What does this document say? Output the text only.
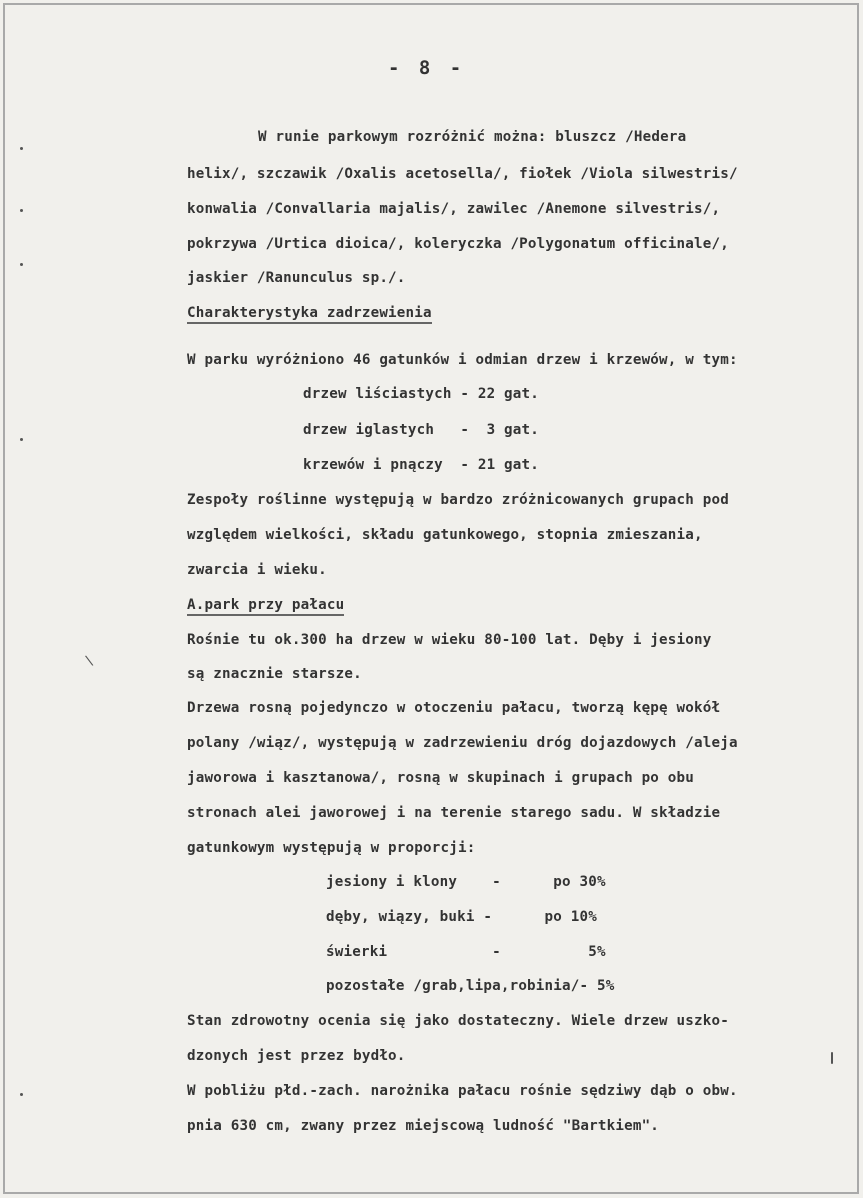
\
- 8 -
W runie parkowym rozróżnić można: bluszcz /Hedera
helix/, szczawik /Oxalis acetosella/, fiołek /Viola silwestris/
konwalia /Convallaria majalis/, zawilec /Anemone silvestris/,
pokrzywa /Urtica dioica/, koleryczka /Polygonatum officinale/,
jaskier /Ranunculus sp./.
Charakterystyka zadrzewienia
W parku wyróżniono 46 gatunków i odmian drzew i krzewów, w tym:
drzew liściastych - 22 gat.
drzew iglastych   -  3 gat.
krzewów i pnączy  - 21 gat.
Zespoły roślinne występują w bardzo zróżnicowanych grupach pod
względem wielkości, składu gatunkowego, stopnia zmieszania,
zwarcia i wieku.
A.park przy pałacu
Rośnie tu ok.300 ha drzew w wieku 80-100 lat. Dęby i jesiony
są znacznie starsze.
Drzewa rosną pojedynczo w otoczeniu pałacu, tworzą kępę wokół
polany /wiąz/, występują w zadrzewieniu dróg dojazdowych /aleja
jaworowa i kasztanowa/, rosną w skupinach i grupach po obu
stronach alei jaworowej i na terenie starego sadu. W składzie
gatunkowym występują w proporcji:
jesiony i klony    -      po 30%
dęby, wiązy, buki -      po 10%
świerki            -          5%
pozostałe /grab,lipa,robinia/- 5%
Stan zdrowotny ocenia się jako dostateczny. Wiele drzew uszko-
dzonych jest przez bydło.
W pobliżu płd.-zach. narożnika pałacu rośnie sędziwy dąb o obw.
pnia 630 cm, zwany przez miejscową ludność "Bartkiem".
